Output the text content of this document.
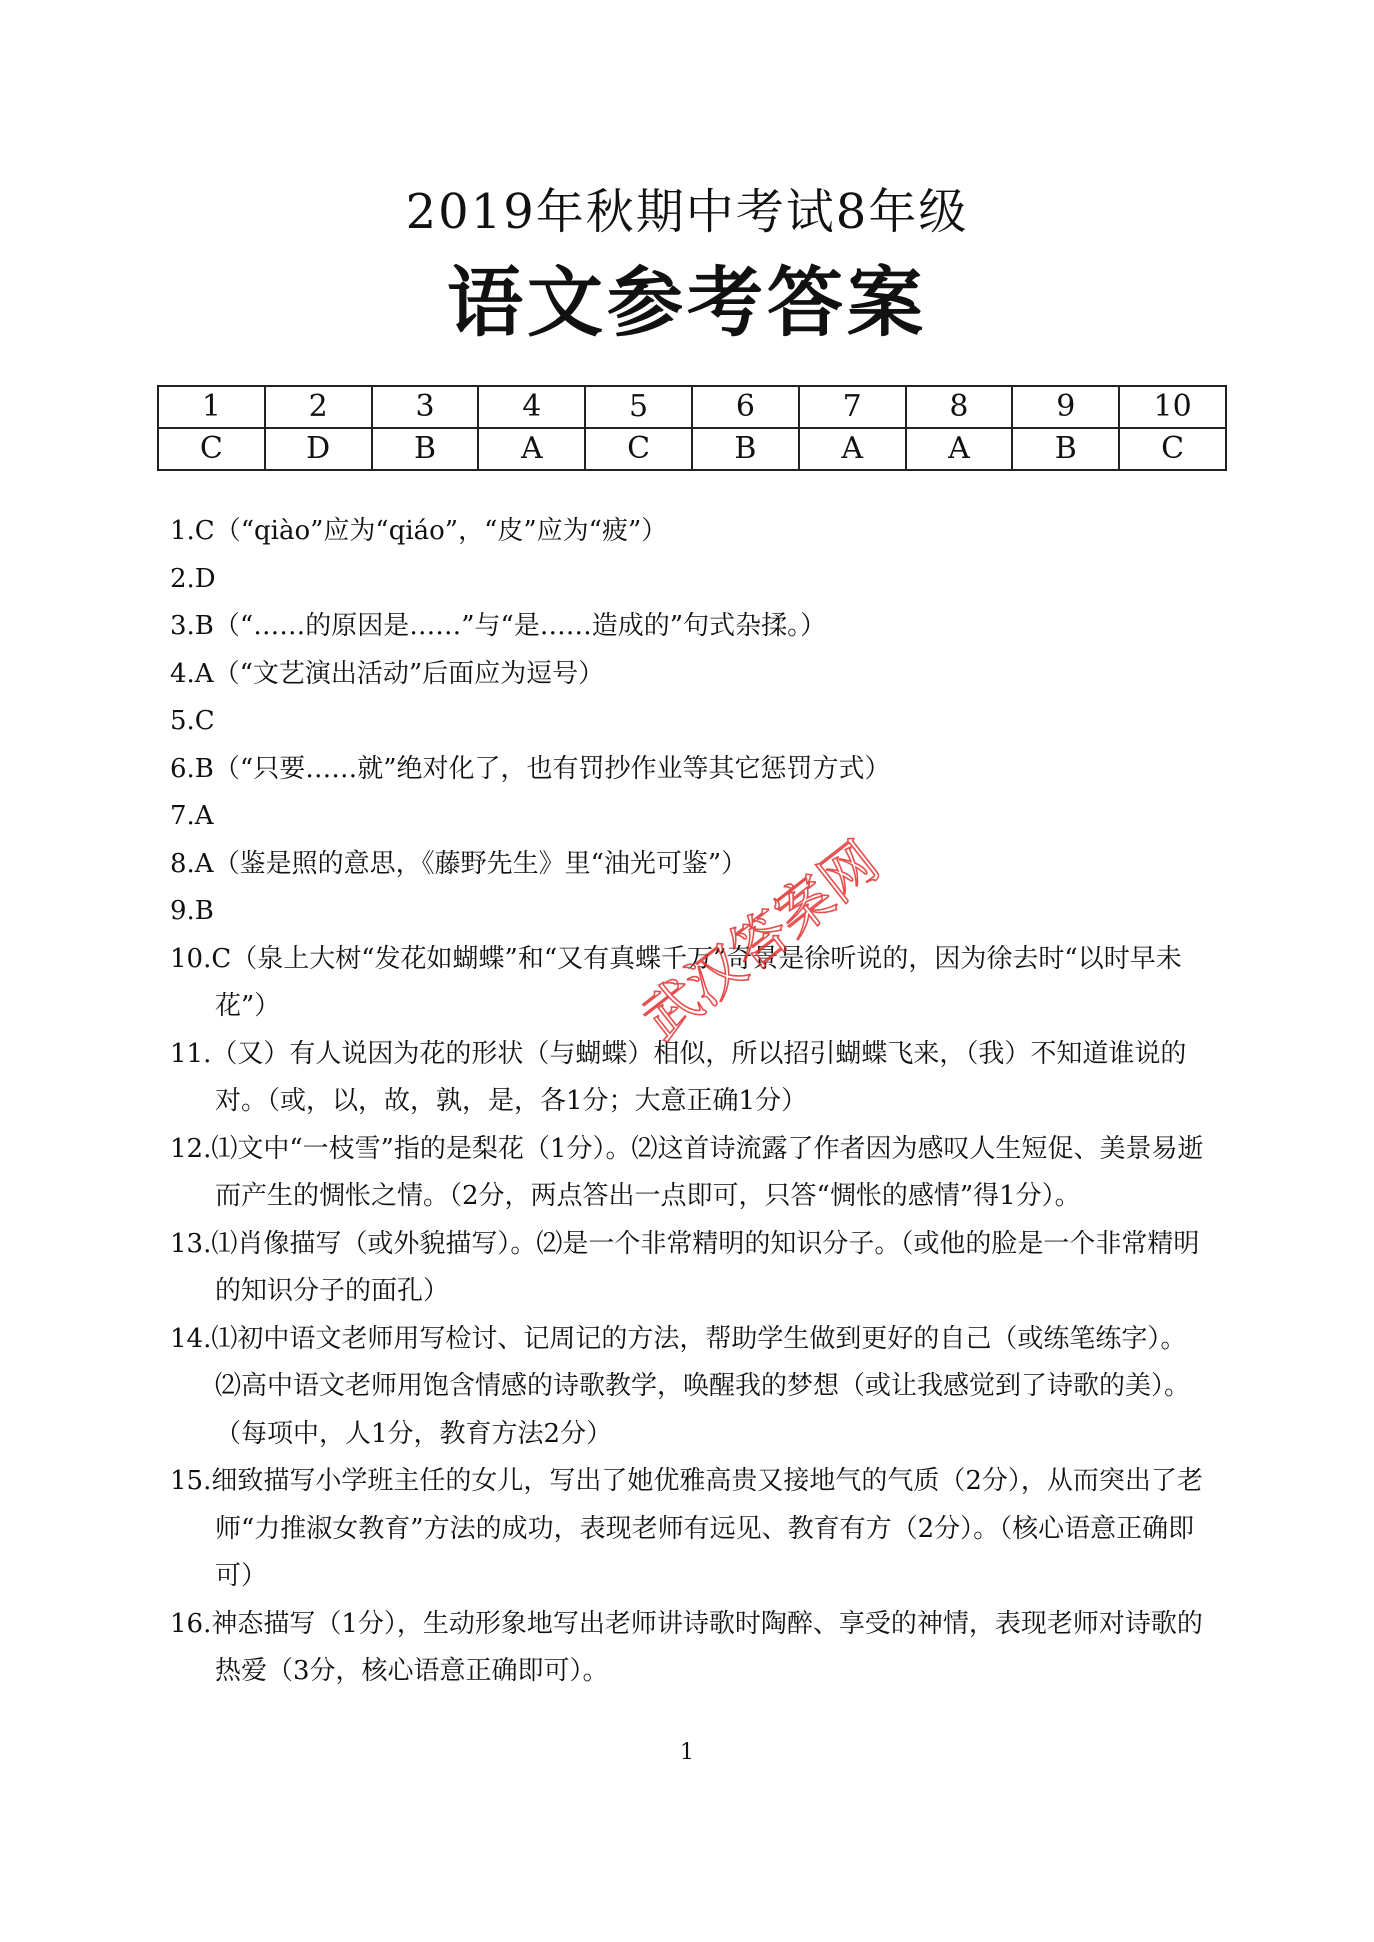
2019年秋期中考试8年级
语文参考答案
1	2	3	4	5	6	7	8	9	10
C	D	B	A	C	B	A	A	B	C
1.C（“qiào”应为“qiáo”，“皮”应为“疲”）
2.D
3.B（“……的原因是……”与“是……造成的”句式杂揉。）
4.A（“文艺演出活动”后面应为逗号）
5.C
6.B（“只要……就”绝对化了，也有罚抄作业等其它惩罚方式）
7.A
8.A（鉴是照的意思，《藤野先生》里“油光可鉴”）
9.B
10.C（泉上大树“发花如蝴蝶”和“又有真蝶千万”奇景是徐听说的，因为徐去时“以时早未花”）
11.（又）有人说因为花的形状（与蝴蝶）相似，所以招引蝴蝶飞来，（我）不知道谁说的对。（或，以，故，孰，是，各1分；大意正确1分）
12.⑴文中“一枝雪”指的是梨花（1分）。⑵这首诗流露了作者因为感叹人生短促、美景易逝而产生的惆怅之情。（2分，两点答出一点即可，只答“惆怅的感情”得1分）。
13.⑴肖像描写（或外貌描写）。⑵是一个非常精明的知识分子。（或他的脸是一个非常精明的知识分子的面孔）
14.⑴初中语文老师用写检讨、记周记的方法，帮助学生做到更好的自己（或练笔练字）。⑵高中语文老师用饱含情感的诗歌教学，唤醒我的梦想（或让我感觉到了诗歌的美）。（每项中，人1分，教育方法2分）
15.细致描写小学班主任的女儿，写出了她优雅高贵又接地气的气质（2分），从而突出了老师“力推淑女教育”方法的成功，表现老师有远见、教育有方（2分）。（核心语意正确即可）
16.神态描写（1分），生动形象地写出老师讲诗歌时陶醉、享受的神情，表现老师对诗歌的热爱（3分，核心语意正确即可）。
1
武汉答案网
